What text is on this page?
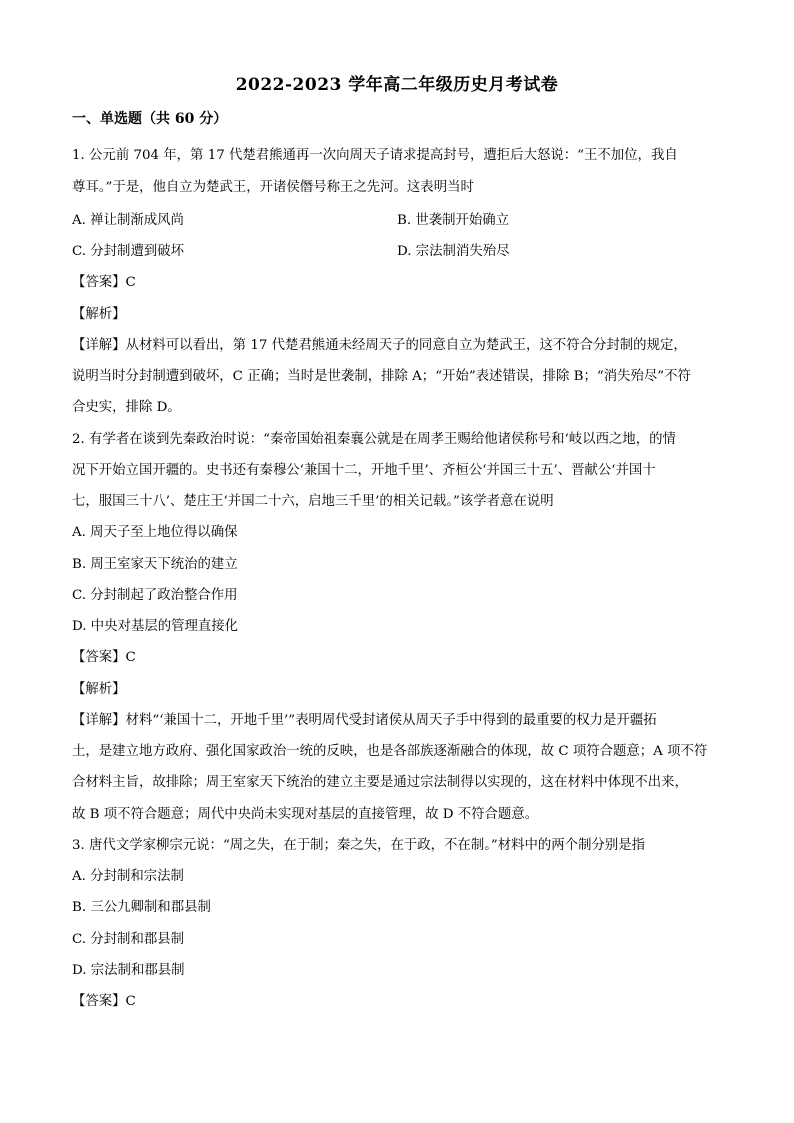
2022-2023 学年高二年级历史月考试卷
一、单选题（共 60 分）
1. 公元前 704 年，第 17 代楚君熊通再一次向周天子请求提高封号，遭拒后大怒说：“王不加位，我自
尊耳。”于是，他自立为楚武王，开诸侯僭号称王之先河。这表明当时
A. 禅让制渐成风尚	B. 世袭制开始确立
C. 分封制遭到破坏	D. 宗法制消失殆尽
【答案】C
【解析】
【详解】从材料可以看出，第 17 代楚君熊通未经周天子的同意自立为楚武王，这不符合分封制的规定，
说明当时分封制遭到破坏，C 正确；当时是世袭制，排除 A；“开始”表述错误，排除 B；“消失殆尽”不符
合史实，排除 D。
2. 有学者在谈到先秦政治时说：“秦帝国始祖秦襄公就是在周孝王赐给他诸侯称号和‘岐以西之地，的情
况下开始立国开疆的。史书还有秦穆公‘兼国十二，开地千里’、齐桓公‘并国三十五’、晋献公‘并国十
七，服国三十八’、楚庄王‘并国二十六，启地三千里’的相关记载。”该学者意在说明
A. 周天子至上地位得以确保
B. 周王室家天下统治的建立
C. 分封制起了政治整合作用
D. 中央对基层的管理直接化
【答案】C
【解析】
【详解】材料“‘兼国十二，开地千里’”表明周代受封诸侯从周天子手中得到的最重要的权力是开疆拓
土，是建立地方政府、强化国家政治一统的反映，也是各部族逐渐融合的体现，故 C 项符合题意；A 项不符
合材料主旨，故排除；周王室家天下统治的建立主要是通过宗法制得以实现的，这在材料中体现不出来，
故 B 项不符合题意；周代中央尚未实现对基层的直接管理，故 D 不符合题意。
3. 唐代文学家柳宗元说：“周之失，在于制；秦之失，在于政，不在制。”材料中的两个制分别是指
A. 分封制和宗法制
B. 三公九卿制和郡县制
C. 分封制和郡县制
D. 宗法制和郡县制
【答案】C
